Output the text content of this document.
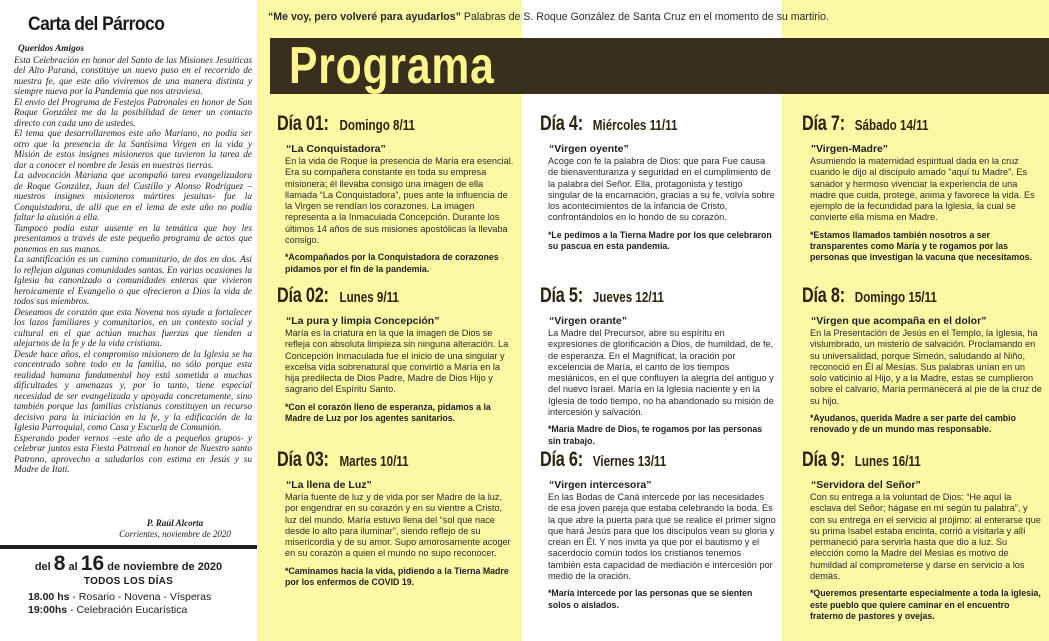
Carta del Párroco
Queridos Amigos

Esta Celebración en honor del Santo de las Misiones Jesuíticas del Alto Paraná, constituye un nuevo paso en el recorrido de nuestra fe, que este año viviremos de una manera distinta y siempre nueva por la Pandemia que nos atraviesa.

El envío del Programa de Festejos Patronales en honor de San Roque González me da la posibilidad de tener un contacto directo con cada uno de ustedes.

El tema que desarrollaremos este año Mariano, no podía ser otro que la presencia de la Santísima Virgen en la vida y Misión de estos insignes misioneros que tuvieron la tarea de dar a conocer el nombre de Jesús en nuestras tierras.

La advocación Mariana que acompañó tarea evangelizadora de Roque González, Juan del Castillo y Alonso Rodríguez –nuestros insignes misioneros mártires jesuitas- fue la Conquistadora, de allí que en el lema de este año no podía faltar la alusión a ella.

Tampoco podía estar ausente en la temática que hoy les presentamos a través de este pequeño programa de actos que ponemos en sus manos.

La santificación es un camino comunitario, de dos en dos. Así lo reflejan algunas comunidades santas. En varias ocasiones la Iglesia ha canonizado a comunidades enteras que vivieron heroicamente el Evangelio o que ofrecieron a Dios la vida de todos sus miembros.

Deseamos de corazón que esta Novena nos ayude a fortalecer los lazos familiares y comunitarios, en un contexto social y cultural en el que actúan muchas fuerzas que tienden a alejarnos de la fe y de la vida cristiana.

Desde hace años, el compromiso misionero de la Iglesia se ha concentrado sobre todo en la familia, no sólo porque esta realidad humana fundamental hoy está sometida a muchas dificultades y amenazas y, por lo tanto, tiene especial necesidad de ser evangelizada y apoyada concretamente, sino también porque las familias cristianas constituyen un recurso decisivo para la iniciación en la fe, y la edificación de la Iglesia Parroquial, como Casa y Escuela de Comunión.

Esperando poder vernos –este año de a pequeños grupos- y celebrar juntos esta Fiesta Patronal en honor de Nuestro santo Patrono, aprovecho a saludarlos con estima en Jesús y su Madre de Itatí.

P. Raúl Alcorta
Corrientes, noviembre de 2020
del 8 al 16 de noviembre de 2020
TODOS LOS DÍAS
18.00 hs - Rosario - Novena - Vísperas
19:00hs - Celebración Eucarística
“Me voy, pero volveré para ayudarlos” Palabras de S. Roque González de Santa Cruz en el momento de su martirio.
Programa
Día 01: Domingo 8/11
“La Conquistadora”
En la vida de Roque la presencia de María era esencial. Era su compañera constante en toda su empresa misionera; él llevaba consigo una imagen de ella llamada “La Conquistadora”, pues ante la influencia de la Virgen se rendían los corazones. La imagen representa a la Inmaculada Concepción. Durante los últimos 14 años de sus misiones apostólicas la llevaba consigo.
*Acompañados por la Conquistadora de corazones pidamos por el fin de la pandemia.
Día 02: Lunes 9/11
“La pura y limpia Concepción”
María es la criatura en la que la imagen de Dios se refleja con absoluta limpieza sin ninguna alteración. La Concepción Inmaculada fue el inicio de una singular y excelsa vida sobrenatural que convirtió a María en la hija predilecta de Dios Padre, Madre de Dios Hijo y sagrario del Espíritu Santo.
*Con el corazón lleno de esperanza, pidamos a la Madre de Luz por los agentes sanitarios.
Día 03: Martes 10/11
“La llena de Luz”
María fuente de luz y de vida por ser Madre de la luz, por engendrar en su corazón y en su vientre a Cristo, luz del mundo. María estuvo llena del “sol que nace desde lo alto para iluminar”, siendo reflejo de su misericordia y de su amor. Supo amorosamente acoger en su corazón a quien el mundo no supo reconocer.
*Caminamos hacia la vida, pidiendo a la Tierna Madre por los enfermos de COVID 19.
Día 4: Miércoles 11/11
“Virgen oyente”
Acoge con fe la palabra de Dios: que para Fue causa de bienaventuranza y seguridad en el cumplimiento de la palabra del Señor. Ella, protagonista y testigo singular de la encarnación, gracias a su fe, volvía sobre los acontecimientos de la infancia de Cristo, confrontándolos en lo hondo de su corazón.
*Le pedimos a la Tierna Madre por los que celebraron su pascua en esta pandemia.
Día 5: Jueves 12/11
“Virgen orante”
La Madre del Precursor, abre su espíritu en expresiones de glorificación a Dios, de humildad, de fe, de esperanza. En el Magníficat, la oración por excelencia de María, el canto de los tiempos mesiánicos, en el que confluyen la alegría del antiguo y del nuevo Israel. María en la Iglesia naciente y en la Iglesia de todo tiempo, no ha abandonado su misión de intercesión y salvación.
*María Madre de Dios, te rogamos por las personas sin trabajo.
Día 6: Viernes 13/11
“Virgen intercesora”
En las Bodas de Caná intercede por las necesidades de esa joven pareja que estaba celebrando la boda. Es la que abre la puerta para que se realice el primer signo que hará Jesús para que los discípulos vean su gloria y crean en Él. Y nos invita ya que por el bautismo y el sacerdocio común todos los cristianos tenemos también esta capacidad de mediación e intercesión por medio de la oración.
*María intercede por las personas que se sienten solos o aislados.
Día 7: Sábado 14/11
"Virgen-Madre"
Asumiendo la maternidad espiritual dada en la cruz cuando le dijo al discípulo amado “aquí tu Madre”. Es sanador y hermoso vivenciar la experiencia de una madre que cuida, protege, anima y favorece la vida. Es ejemplo de la fecundidad para la Iglesia, la cual se convierte ella misma en Madre.
*Estamos llamados también nosotros a ser transparentes como María y te rogamos por las personas que investigan la vacuna que necesitamos.
Día 8: Domingo 15/11
“Virgen que acompaña en el dolor”
En la Presentación de Jesús en el Templo, la Iglesia, ha vislumbrado, un misterio de salvación. Proclamando en su universalidad, porque Simeón, saludando al Niño, reconoció en Él al Mesías. Sus palabras unían en un solo vaticinio al Hijo, y a la Madre, estas se cumplieron sobre el calvario, María permanecerá al pie de la cruz de su hijo.
*Ayudanos, querida Madre a ser parte del cambio renovado y de un mundo mas responsable.
Día 9: Lunes 16/11
“Servidora del Señor”
Con su entrega a la voluntad de Dios: “He aquí la esclava del Señor; hágase en mí según tu palabra”, y con su entrega en el servicio al prójimo: al enterarse que su prima Isabel estaba encinta, corrió a visitarla y allí permaneció para servirla hasta que dio a luz. Su elección como la Madre del Mesías es motivo de humildad al comprometerse y darse en servicio a los demás.
*Queremos presentarte especialmente a toda la iglesia, este pueblo que quiere caminar en el encuentro fraterno de pastores y ovejas.
